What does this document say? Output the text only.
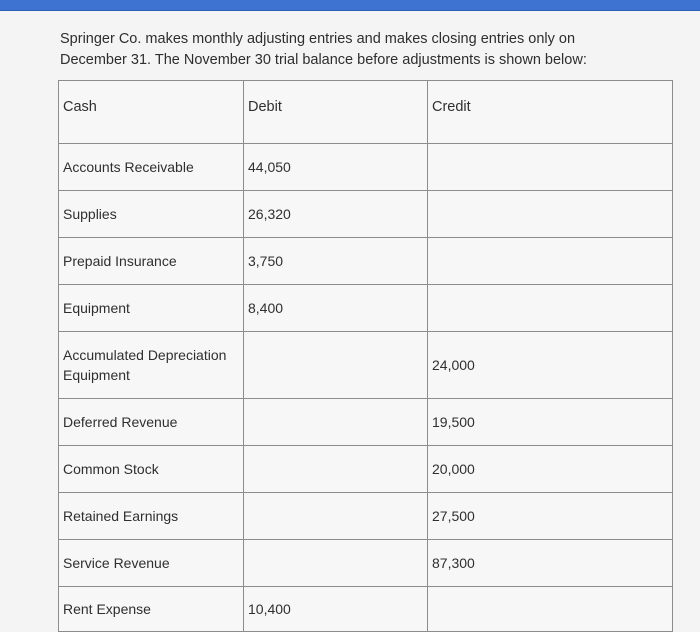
Springer Co. makes monthly adjusting entries and makes closing entries only on
December 31. The November 30 trial balance before adjustments is shown below:

Cash	Debit	Credit
Accounts Receivable	44,050	
Supplies	26,320	
Prepaid Insurance	3,750	
Equipment	8,400	

Accumulated Depreciation Equipment		24,000
Deferred Revenue		19,500
Common Stock		20,000
Retained Earnings		27,500
Service Revenue		87,300
Rent Expense	10,400	
